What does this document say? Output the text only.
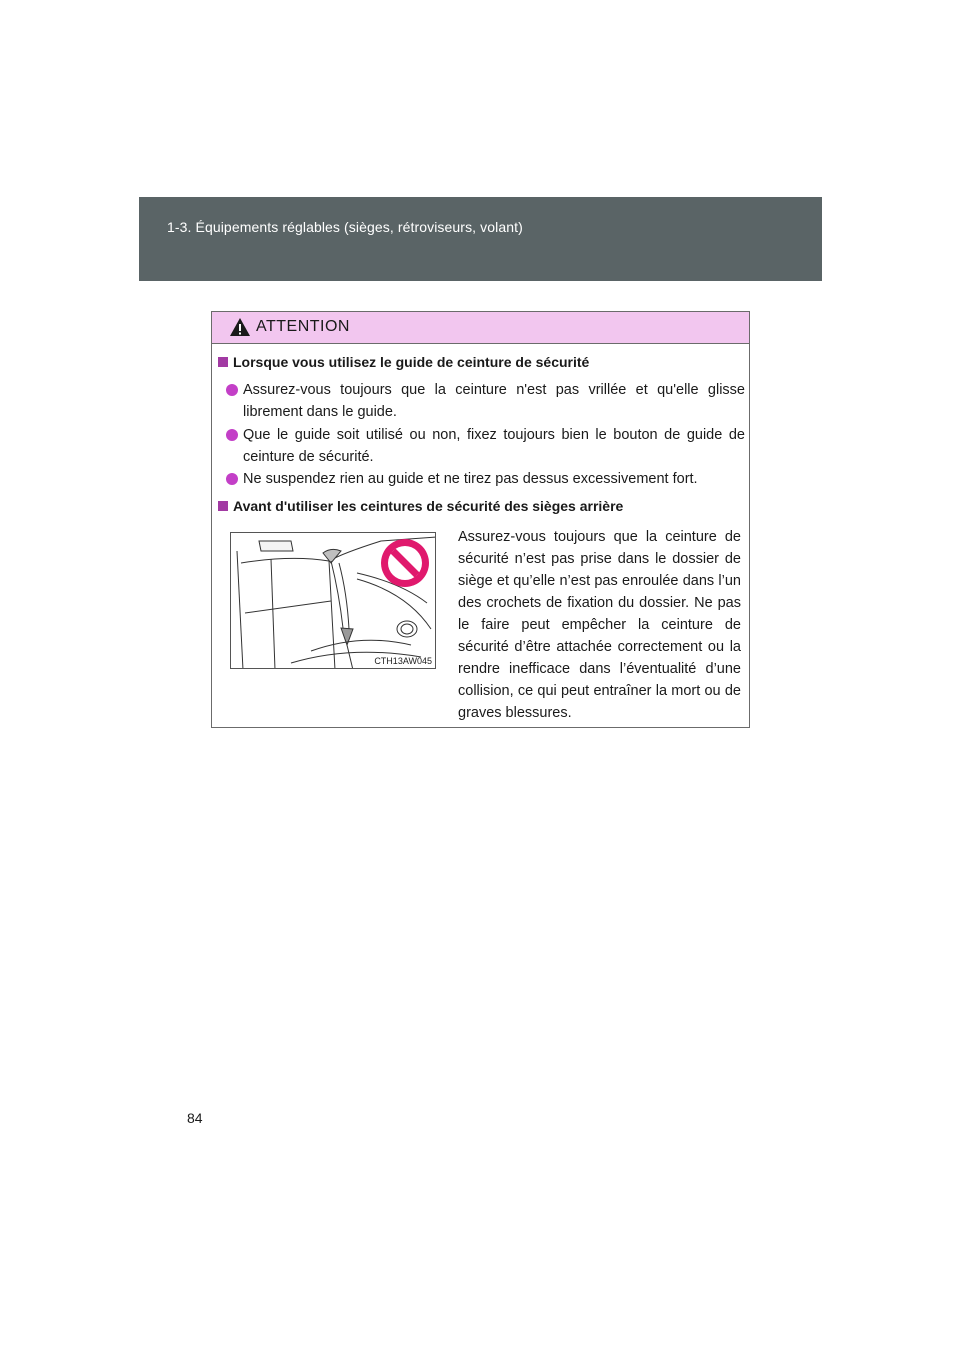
1-3. Équipements réglables (sièges, rétroviseurs, volant)
ATTENTION
Lorsque vous utilisez le guide de ceinture de sécurité
Assurez-vous toujours que la ceinture n'est pas vrillée et qu'elle glisse librement dans le guide.
Que le guide soit utilisé ou non, fixez toujours bien le bouton de guide de ceinture de sécurité.
Ne suspendez rien au guide et ne tirez pas dessus excessivement fort.
Avant d'utiliser les ceintures de sécurité des sièges arrière
CTH13AW045
Assurez-vous toujours que la ceinture de sécurité n’est pas prise dans le dossier de siège et qu’elle n’est pas enroulée dans l’un des crochets de fixation du dossier. Ne pas le faire peut empêcher la ceinture de sécurité d’être attachée correctement ou la rendre inefficace dans l’éventualité d’une collision, ce qui peut entraîner la mort ou de graves blessures.
84
